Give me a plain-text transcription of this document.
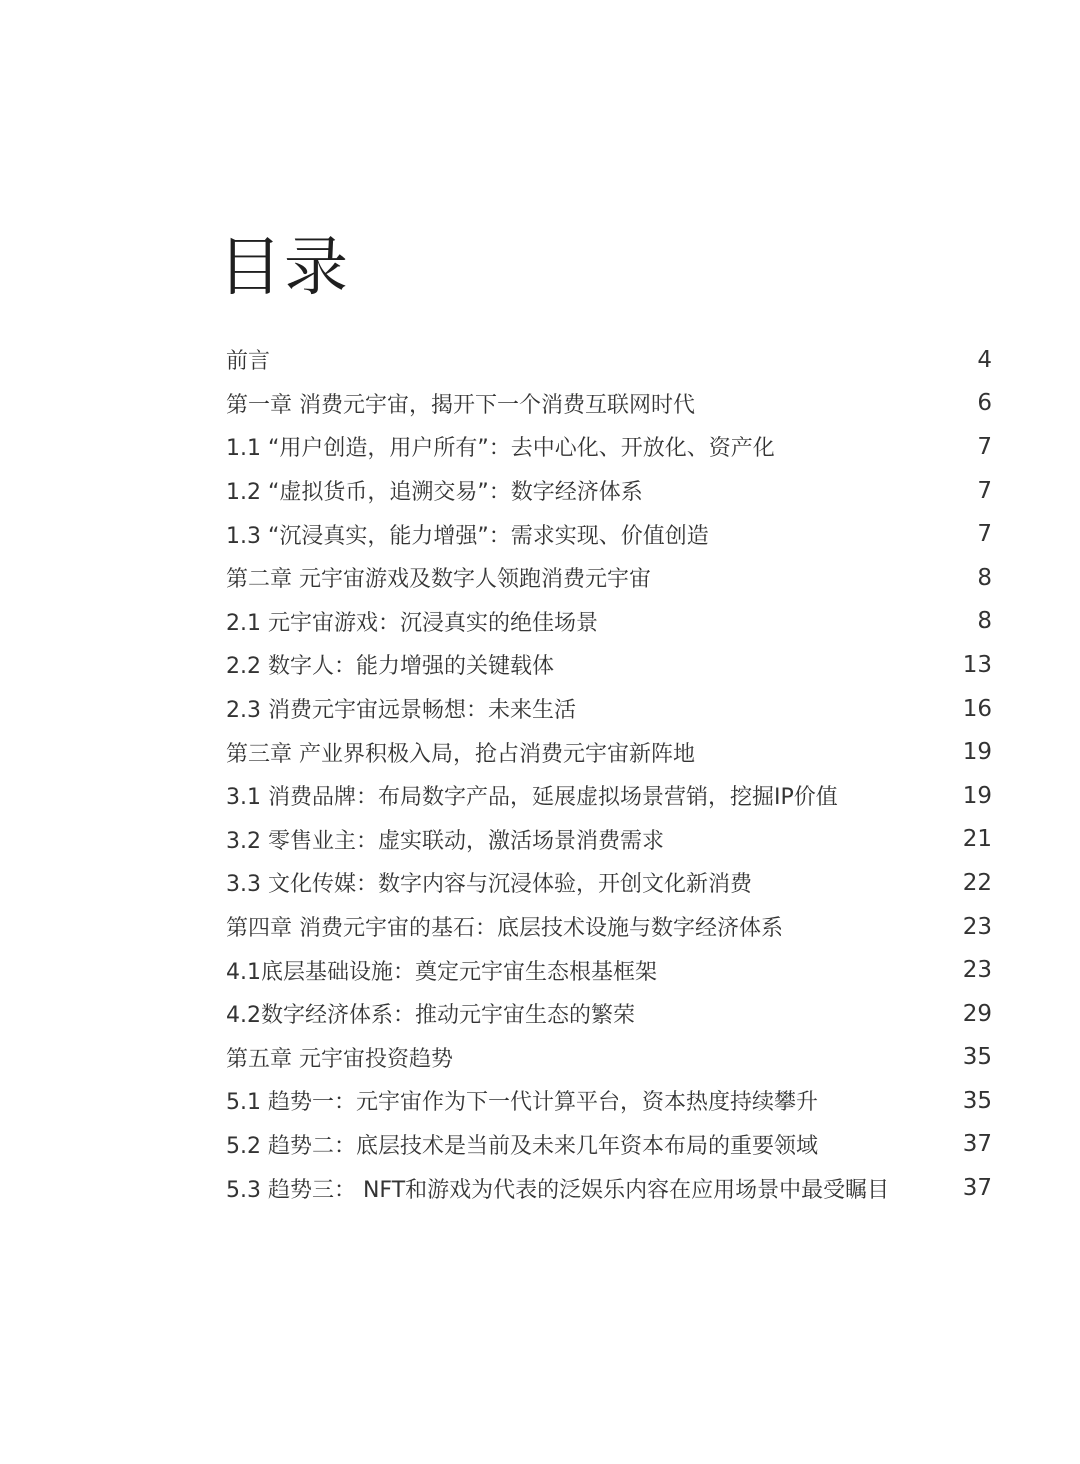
目录
前言	4
第一章 消费元宇宙，揭开下一个消费互联网时代	6
1.1 “用户创造，用户所有”：去中心化、开放化、资产化	7
1.2 “虚拟货币，追溯交易”：数字经济体系	7
1.3 “沉浸真实，能力增强”：需求实现、价值创造	7
第二章 元宇宙游戏及数字人领跑消费元宇宙	8
2.1 元宇宙游戏：沉浸真实的绝佳场景	8
2.2 数字人：能力增强的关键载体	13
2.3 消费元宇宙远景畅想：未来生活	16
第三章 产业界积极入局，抢占消费元宇宙新阵地	19
3.1 消费品牌：布局数字产品，延展虚拟场景营销，挖掘IP价值	19
3.2 零售业主：虚实联动，激活场景消费需求	21
3.3 文化传媒：数字内容与沉浸体验，开创文化新消费	22
第四章 消费元宇宙的基石：底层技术设施与数字经济体系	23
4.1底层基础设施：奠定元宇宙生态根基框架	23
4.2数字经济体系：推动元宇宙生态的繁荣	29
第五章 元宇宙投资趋势	35
5.1 趋势一：元宇宙作为下一代计算平台，资本热度持续攀升	35
5.2 趋势二：底层技术是当前及未来几年资本布局的重要领域	37
5.3 趋势三： NFT和游戏为代表的泛娱乐内容在应用场景中最受瞩目	37
